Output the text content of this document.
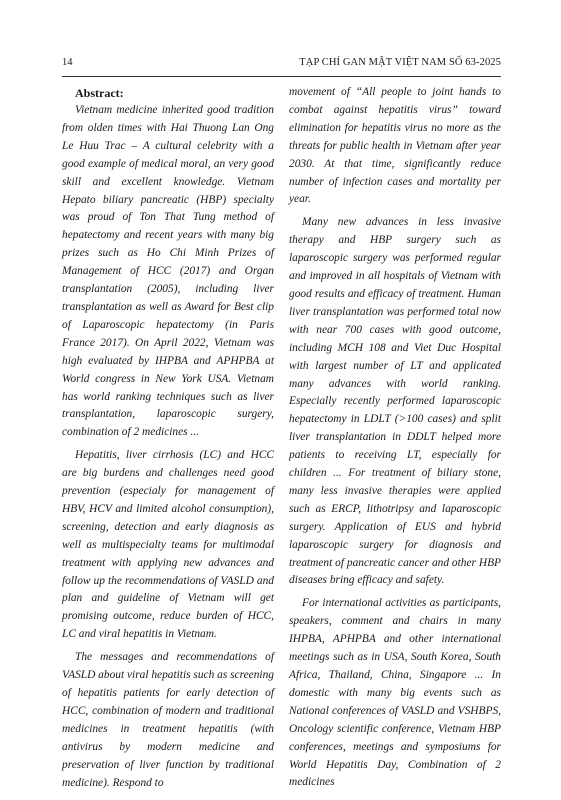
14	TẠP CHÍ GAN MẬT VIỆT NAM SỐ 63-2025
Abstract:

Vietnam medicine inherited good tradition from olden times with Hai Thuong Lan Ong Le Huu Trac – A cultural celebrity with a good example of medical moral, an very good skill and excellent knowledge. Vietnam Hepato biliary pancreatic (HBP) specialty was proud of Ton That Tung method of hepatectomy and recent years with many big prizes such as Ho Chi Minh Prizes of Management of HCC (2017) and Organ transplantation (2005), including liver transplantation as well as Award for Best clip of Laparoscopic hepatectomy (in Paris France 2017). On April 2022, Vietnam was high evaluated by IHPBA and APHPBA at World congress in New York USA. Vietnam has world ranking techniques such as liver transplantation, laparoscopic surgery, combination of 2 medicines ...

Hepatitis, liver cirrhosis (LC) and HCC are big burdens and challenges need good prevention (especialy for management of HBV, HCV and limited alcohol consumption), screening, detection and early diagnosis as well as multispecialty teams for multimodal treatment with applying new advances and follow up the recommendations of VASLD and plan and guideline of Vietnam will get promising outcome, reduce burden of HCC, LC and viral hepatitis in Vietnam.

The messages and recommendations of VASLD about viral hepatitis such as screening of hepatitis patients for early detection of HCC, combination of modern and traditional medicines in treatment hepatitis (with antivirus by modern medicine and preservation of liver function by traditional medicine). Respond to

movement of “All people to joint hands to combat against hepatitis virus” toward elimination for hepatitis virus no more as the threats for public health in Vietnam after year 2030. At that time, significantly reduce number of infection cases and mortality per year.

Many new advances in less invasive therapy and HBP surgery such as laparoscopic surgery was performed regular and improved in all hospitals of Vietnam with good results and efficacy of treatment. Human liver transplantation was performed total now with near 700 cases with good outcome, including MCH 108 and Viet Duc Hospital with largest number of LT and applicated many advances with world ranking. Especially recently performed laparoscopic hepatectomy in LDLT (>100 cases) and split liver transplantation in DDLT helped more patients to receiving LT, especially for children ... For treatment of biliary stone, many less invasive therapies were applied such as ERCP, lithotripsy and laparoscopic surgery. Application of EUS and hybrid laparoscopic surgery for diagnosis and treatment of pancreatic cancer and other HBP diseases bring efficacy and safety.

For international activities as participants, speakers, comment and chairs in many IHPBA, APHPBA and other international meetings such as in USA, South Korea, South Africa, Thailand, China, Singapore ... In domestic with many big events such as National conferences of VASLD and VSHBPS, Oncology scientific conference, Vietnam HBP conferences, meetings and symposiums for World Hepatitis Day, Combination of 2 medicines
